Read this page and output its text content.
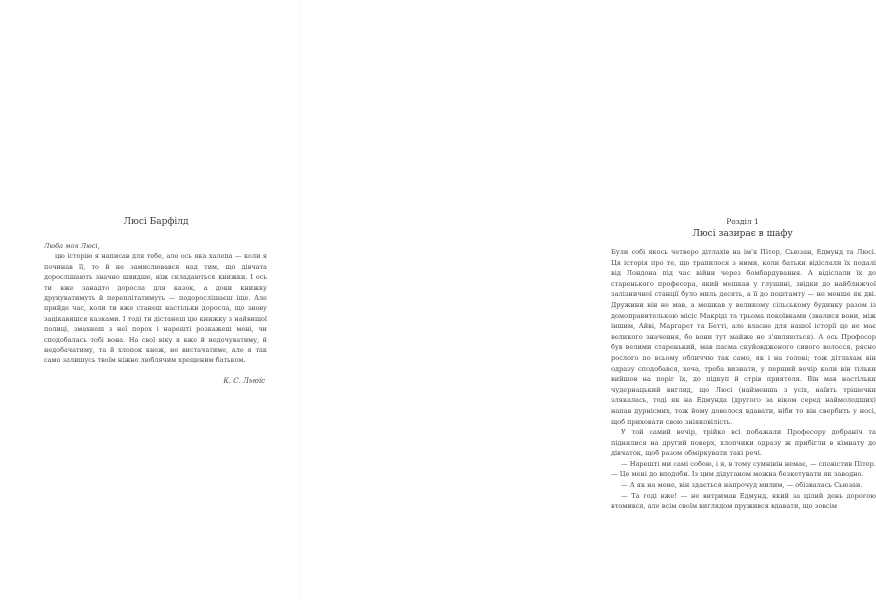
Люсі Барфілд

Люба моя Люсі,

цю історію я написав для тебе, але ось яка халепа — коли я починав її, то й не замислювався над тим, що дівчата дорослішають значно швидше, ніж складаються книжки. І ось ти вже занадто доросла для казок, а доки книжку друкуватимуть й переплітатимуть — подорослішаєш іще. Але прийде час, коли ти вже станеш настільки доросла, що знову зацікавишся казками. І тоді ти дістанеш цю книжку з найвищої полиці, змахнеш з неї порох і нарешті розкажеш мені, чи сподобалась тобі вона. На cвої віку я вже й недочуватиму, й недобачатиму, та й хлопок кнеж, не вистачатиме, але я так само залишусь твоїм ніжно люблячим хрещеним батьком.

К. С. Льюїс
Розділ 1
Люсі зазирає в шафу

Були собі якось четверо дітлахів на ім'я Пітер, Сьюзан, Едмунд та Люсі. Ця історія про те, що трапилося з ними, коли батьки відіслали їх подалі від Лондона під час війни через бомбардування. А відіслали їх до старенького професора, який мешкав у глушині, звідки до найближчої залізничної станції було миль десять, а її до поштамту — не менше як дві. Дружини він не мав, а мешкав у великому сільському будинку разом із домоправителькою місіс Макріді та трьома покоївками (звалися вони, між іншим, Айві, Маргарет та Бетті, але власне для нашої історії це не має великого значення, бо вони тут майже не з'являються). А ось Професор був велими старенький, мав пасма скуйовдженого сивого волосся, рясно рослого по всьому обличчю так само, як і на голові; тож дітлахам він одразу сподобався, хоча, треба визнати, у перший вечір коли він тільки вийшов на поріг їх, до підкуп й стрів приятеля. Він мав настільки чудернацький вигляд, що Люсі (найменша з усіх, наївть трішечки злякалась, тоді як на Едмунда (другого за віком серед наймолодших) напав дурнісмих, тож йому довелося вдавати, ніби то він свербить у носі, щоб приховати свою зніяковілість.

У той самий вечір, трійко всі побажали Професору добраніч та піднялися на другий поверх, хлопчики одразу ж прибігли в кімнату до дівчаток, щоб разом обміркувати такі речі.

— Нарешті ми самі собою, і я, в тому сумнівін немає, — сповістив Пітер. — Це мені до вподоби. Із цим дідуганом можна безкетувати як заводно.

— А як на мене, він здається напрочуд милим, — обізвалась Сьюзан.

— Та годі вже! — не витримав Едмунд, який за цілий день дорогою втомився, але всім своїм виглядом пружився вдавати, що зовсім
